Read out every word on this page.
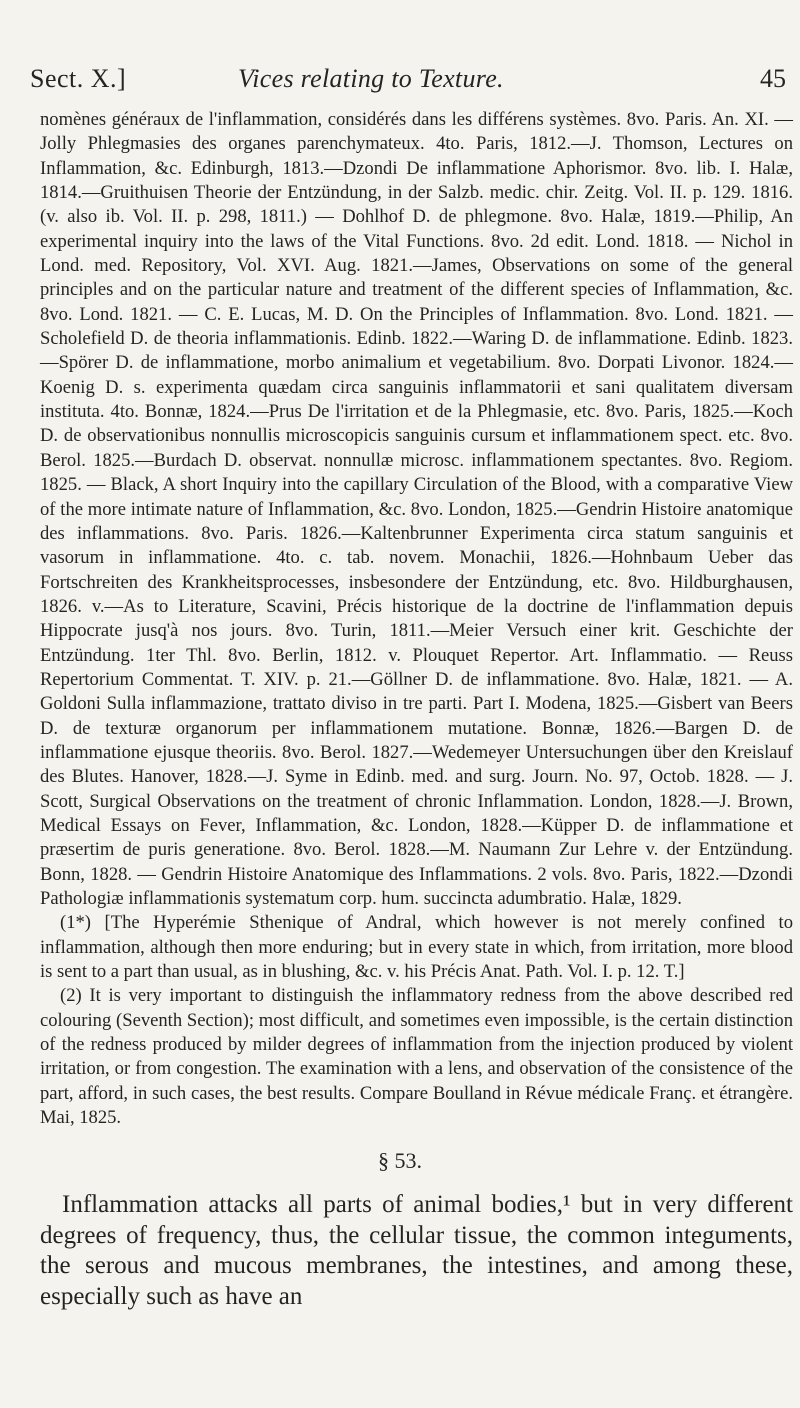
Sect. X.]	Vices relating to Texture.	45

nomènes généraux de l'inflammation, considérés dans les différens systèmes. 8vo. Paris. An. XI. — Jolly Phlegmasies des organes parenchymateux. 4to. Paris, 1812.—J. Thomson, Lectures on Inflammation, &c. Edinburgh, 1813.—Dzondi De inflammatione Aphorismor. 8vo. lib. I. Halæ, 1814.—Gruithuisen Theorie der Entzündung, in der Salzb. medic. chir. Zeitg. Vol. II. p. 129. 1816. (v. also ib. Vol. II. p. 298, 1811.) — Dohlhof D. de phlegmone. 8vo. Halæ, 1819.—Philip, An experimental inquiry into the laws of the Vital Functions. 8vo. 2d edit. Lond. 1818. — Nichol in Lond. med. Repository, Vol. XVI. Aug. 1821.—James, Observations on some of the general principles and on the particular nature and treatment of the different species of Inflammation, &c. 8vo. Lond. 1821. — C. E. Lucas, M. D. On the Principles of Inflammation. 8vo. Lond. 1821. — Scholefield D. de theoria inflammationis. Edinb. 1822.—Waring D. de inflammatione. Edinb. 1823.—Spörer D. de inflammatione, morbo animalium et vegetabilium. 8vo. Dorpati Livonor. 1824.—Koenig D. s. experimenta quædam circa sanguinis inflammatorii et sani qualitatem diversam instituta. 4to. Bonnæ, 1824.—Prus De l'irritation et de la Phlegmasie, etc. 8vo. Paris, 1825.—Koch D. de observationibus nonnullis microscopicis sanguinis cursum et inflammationem spect. etc. 8vo. Berol. 1825.—Burdach D. observat. nonnullæ microsc. inflammationem spectantes. 8vo. Regiom. 1825. — Black, A short Inquiry into the capillary Circulation of the Blood, with a comparative View of the more intimate nature of Inflammation, &c. 8vo. London, 1825.—Gendrin Histoire anatomique des inflammations. 8vo. Paris. 1826.—Kaltenbrunner Experimenta circa statum sanguinis et vasorum in inflammatione. 4to. c. tab. novem. Monachii, 1826.—Hohnbaum Ueber das Fortschreiten des Krankheitsprocesses, insbesondere der Entzündung, etc. 8vo. Hildburghausen, 1826. v.—As to Literature, Scavini, Précis historique de la doctrine de l'inflammation depuis Hippocrate jusq'à nos jours. 8vo. Turin, 1811.—Meier Versuch einer krit. Geschichte der Entzündung. 1ter Thl. 8vo. Berlin, 1812. v. Plouquet Repertor. Art. Inflammatio. — Reuss Repertorium Commentat. T. XIV. p. 21.—Göllner D. de inflammatione. 8vo. Halæ, 1821. — A. Goldoni Sulla inflammazione, trattato diviso in tre parti. Part I. Modena, 1825.—Gisbert van Beers D. de texturæ organorum per inflammationem mutatione. Bonnæ, 1826.—Bargen D. de inflammatione ejusque theoriis. 8vo. Berol. 1827.—Wedemeyer Untersuchungen über den Kreislauf des Blutes. Hanover, 1828.—J. Syme in Edinb. med. and surg. Journ. No. 97, Octob. 1828. — J. Scott, Surgical Observations on the treatment of chronic Inflammation. London, 1828.—J. Brown, Medical Essays on Fever, Inflammation, &c. London, 1828.—Küpper D. de inflammatione et præsertim de puris generatione. 8vo. Berol. 1828.—M. Naumann Zur Lehre v. der Entzündung. Bonn, 1828. — Gendrin Histoire Anatomique des Inflammations. 2 vols. 8vo. Paris, 1822.—Dzondi Pathologiæ inflammationis systematum corp. hum. succincta adumbratio. Halæ, 1829.

(1*) [The Hyperémie Sthenique of Andral, which however is not merely confined to inflammation, although then more enduring; but in every state in which, from irritation, more blood is sent to a part than usual, as in blushing, &c. v. his Précis Anat. Path. Vol. I. p. 12. T.]

(2) It is very important to distinguish the inflammatory redness from the above described red colouring (Seventh Section); most difficult, and sometimes even impossible, is the certain distinction of the redness produced by milder degrees of inflammation from the injection produced by violent irritation, or from congestion. The examination with a lens, and observation of the consistence of the part, afford, in such cases, the best results. Compare Boulland in Révue médicale Franç. et étrangère. Mai, 1825.

§ 53.
Inflammation attacks all parts of animal bodies,¹ but in very different degrees of frequency, thus, the cellular tissue, the common integuments, the serous and mucous membranes, the intestines, and among these, especially such as have an
